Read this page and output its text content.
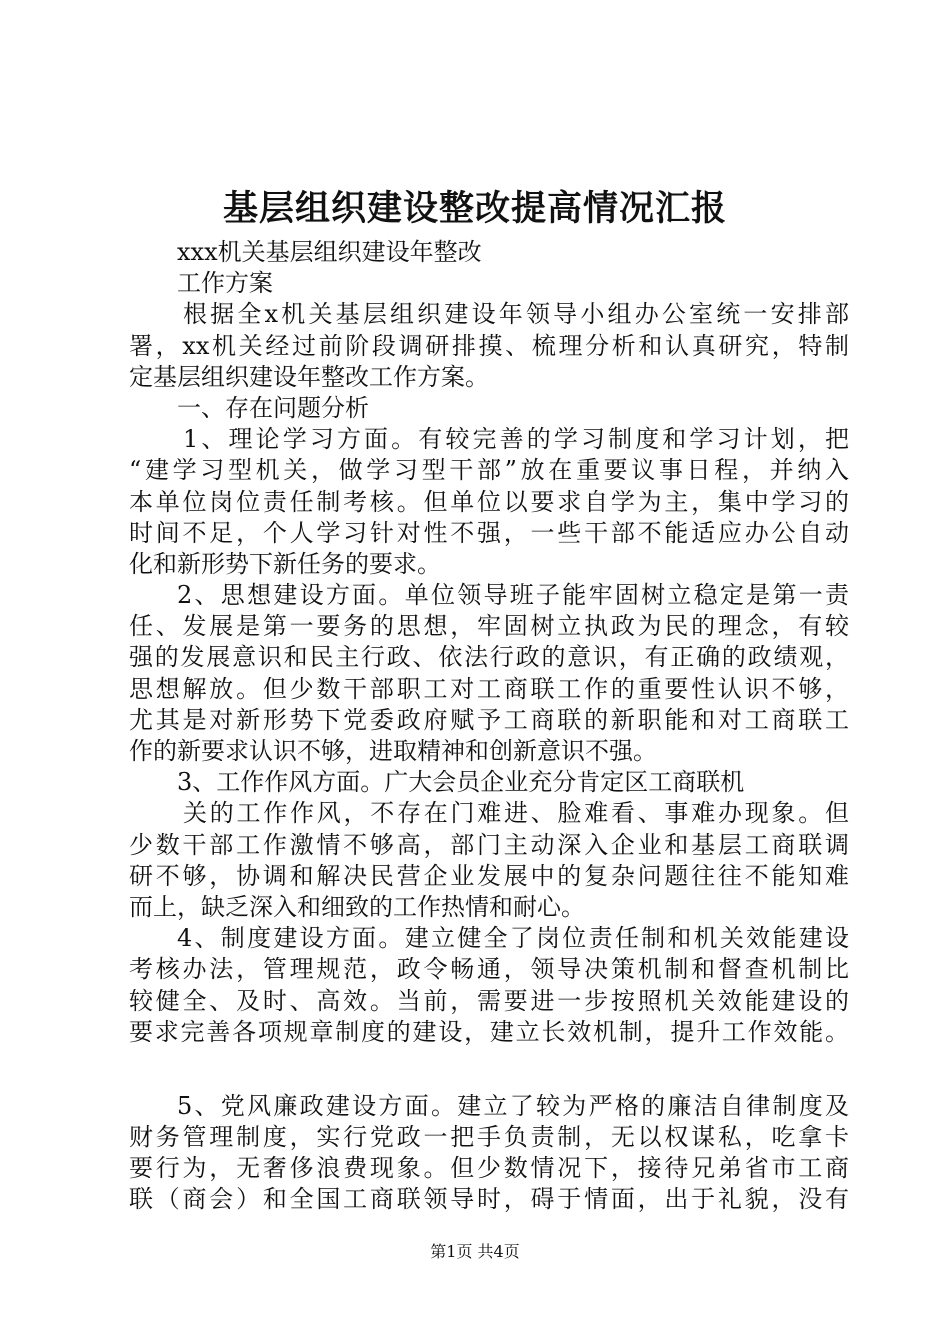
基层组织建设整改提高情况汇报
xxx机关基层组织建设年整改
工作方案
根据全x机关基层组织建设年领导小组办公室统一安排部
署，xx机关经过前阶段调研排摸、梳理分析和认真研究，特制
定基层组织建设年整改工作方案。
一、存在问题分析
1、理论学习方面。有较完善的学习制度和学习计划，把
“建学习型机关，做学习型干部”放在重要议事日程，并纳入
本单位岗位责任制考核。但单位以要求自学为主，集中学习的
时间不足，个人学习针对性不强，一些干部不能适应办公自动
化和新形势下新任务的要求。
2、思想建设方面。单位领导班子能牢固树立稳定是第一责
任、发展是第一要务的思想，牢固树立执政为民的理念，有较
强的发展意识和民主行政、依法行政的意识，有正确的政绩观，
思想解放。但少数干部职工对工商联工作的重要性认识不够，
尤其是对新形势下党委政府赋予工商联的新职能和对工商联工
作的新要求认识不够，进取精神和创新意识不强。
3、工作作风方面。广大会员企业充分肯定区工商联机
关的工作作风，不存在门难进、脸难看、事难办现象。但
少数干部工作激情不够高，部门主动深入企业和基层工商联调
研不够，协调和解决民营企业发展中的复杂问题往往不能知难
而上，缺乏深入和细致的工作热情和耐心。
4、制度建设方面。建立健全了岗位责任制和机关效能建设
考核办法，管理规范，政令畅通，领导决策机制和督查机制比
较健全、及时、高效。当前，需要进一步按照机关效能建设的
要求完善各项规章制度的建设，建立长效机制，提升工作效能。
5、党风廉政建设方面。建立了较为严格的廉洁自律制度及
财务管理制度，实行党政一把手负责制，无以权谋私，吃拿卡
要行为，无奢侈浪费现象。但少数情况下，接待兄弟省市工商
联（商会）和全国工商联领导时，碍于情面，出于礼貌，没有
第1页 共4页
